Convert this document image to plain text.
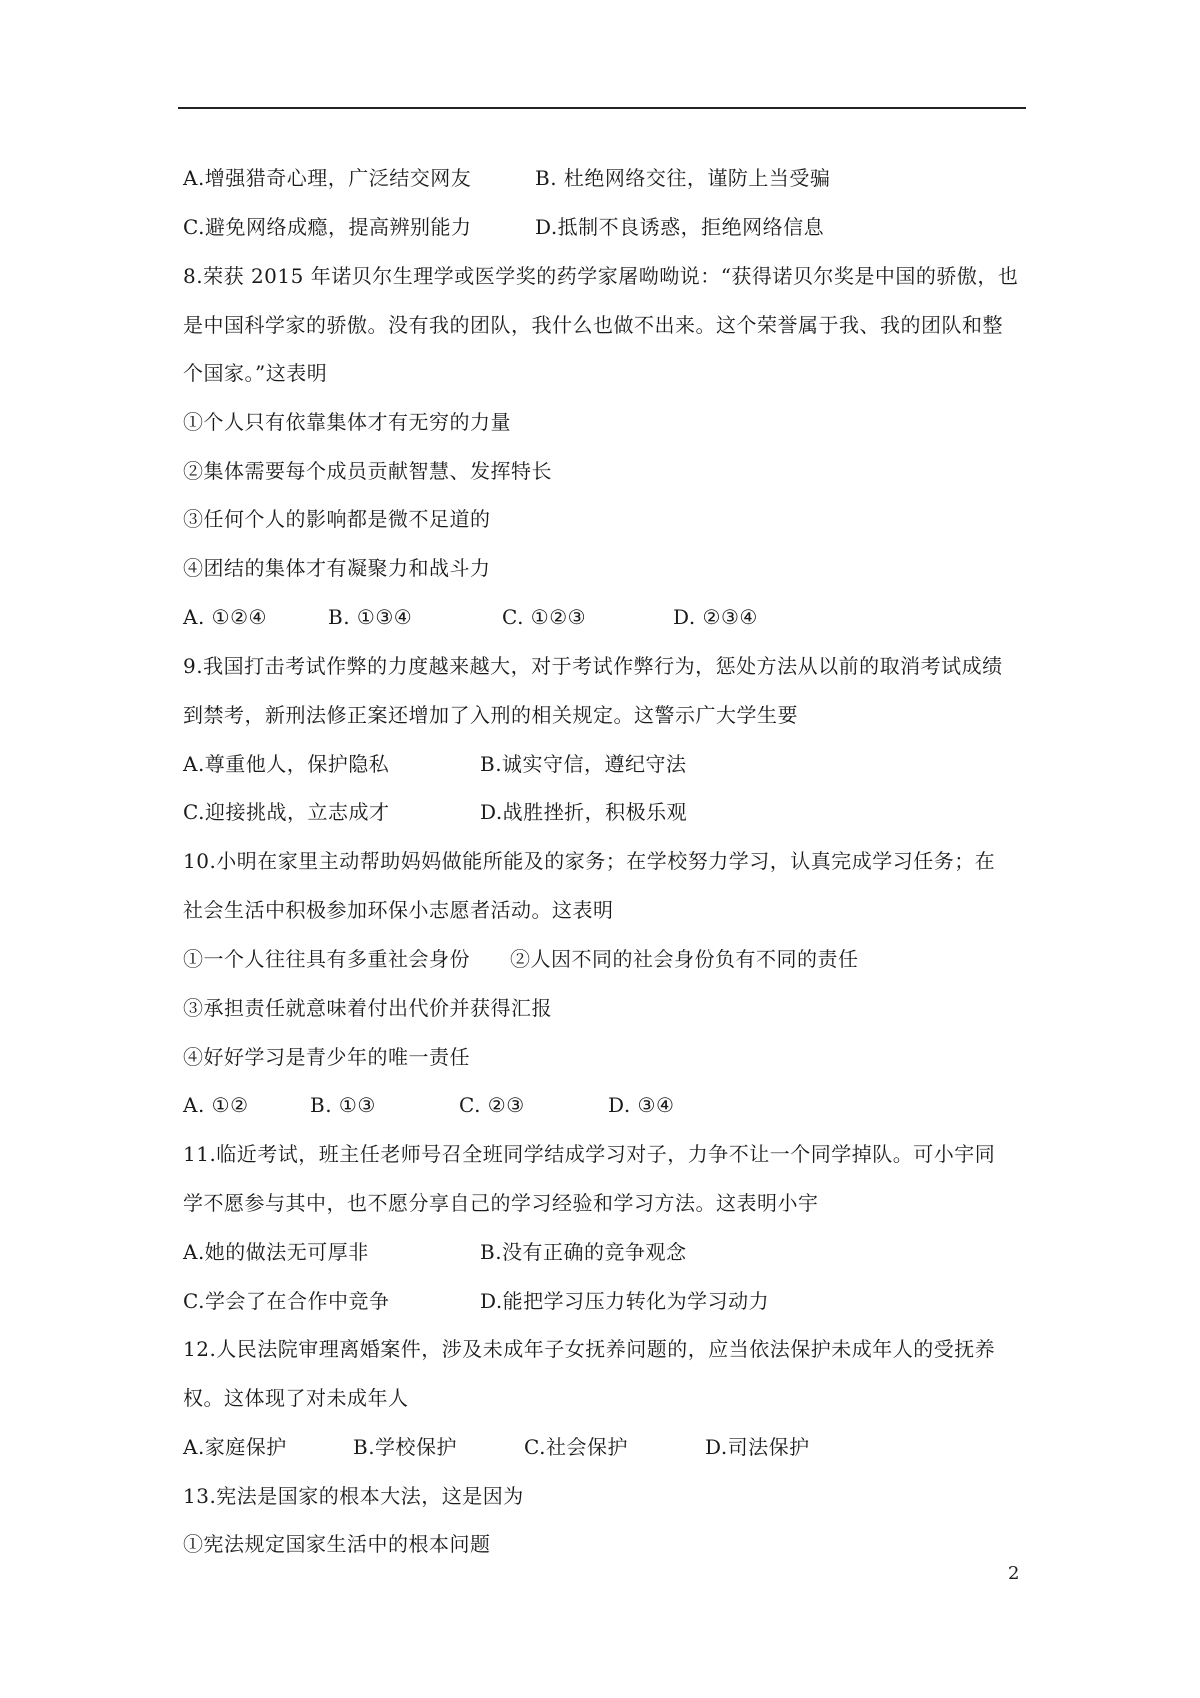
A.增强猎奇心理，广泛结交网友

	B. 杜绝网络交往，谨防上当受骗

C.避免网络成瘾，提高辨别能力

	D.抵制不良诱惑，拒绝网络信息

8.荣获 2015 年诺贝尔生理学或医学奖的药学家屠呦呦说：“获得诺贝尔奖是中国的骄傲，也
是中国科学家的骄傲。没有我的团队，我什么也做不出来。这个荣誉属于我、我的团队和整
个国家。”这表明
①个人只有依靠集体才有无穷的力量
②集体需要每个成员贡献智慧、发挥特长
③任何个人的影响都是微不足道的
④团结的集体才有凝聚力和战斗力

A. ①②④

	B. ①③④

	C. ①②③

	D. ②③④

9.我国打击考试作弊的力度越来越大，对于考试作弊行为，惩处方法从以前的取消考试成绩
到禁考，新刑法修正案还增加了入刑的相关规定。这警示广大学生要

A.尊重他人，保护隐私

	B.诚实守信，遵纪守法

C.迎接挑战，立志成才

	D.战胜挫折，积极乐观

10.小明在家里主动帮助妈妈做能所能及的家务；在学校努力学习，认真完成学习任务；在
社会生活中积极参加环保小志愿者活动。这表明

①一个人往往具有多重社会身份

②人因不同的社会身份负有不同的责任

③承担责任就意味着付出代价并获得汇报
④好好学习是青少年的唯一责任

A. ①②

	B. ①③

	C. ②③

	D. ③④

11.临近考试，班主任老师号召全班同学结成学习对子，力争不让一个同学掉队。可小宇同
学不愿参与其中，也不愿分享自己的学习经验和学习方法。这表明小宇

A.她的做法无可厚非

	B.没有正确的竞争观念

C.学会了在合作中竞争

	D.能把学习压力转化为学习动力

12.人民法院审理离婚案件，涉及未成年子女抚养问题的，应当依法保护未成年人的受抚养
权。这体现了对未成年人

A.家庭保护

	B.学校保护

	C.社会保护

	D.司法保护

13.宪法是国家的根本大法，这是因为
①宪法规定国家生活中的根本问题
2
